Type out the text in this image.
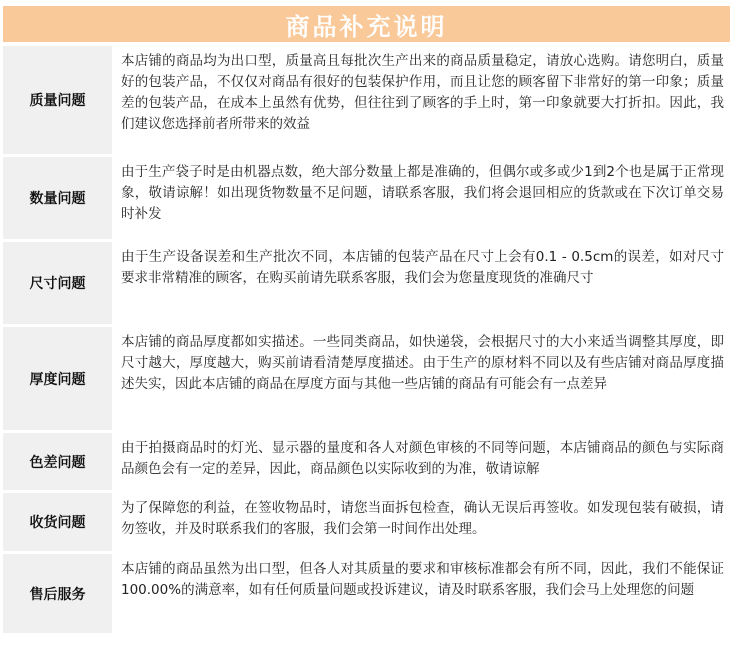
商品补充说明
质量问题
本店铺的商品均为出口型，质量高且每批次生产出来的商品质量稳定，请放心选购。请您明白，质量好的包装产品，不仅仅对商品有很好的包装保护作用，而且让您的顾客留下非常好的第一印象；质量差的包装产品，在成本上虽然有优势，但往往到了顾客的手上时，第一印象就要大打折扣。因此，我们建议您选择前者所带来的效益
数量问题
由于生产袋子时是由机器点数，绝大部分数量上都是准确的，但偶尔或多或少1到2个也是属于正常现象，敬请谅解！如出现货物数量不足问题，请联系客服，我们将会退回相应的货款或在下次订单交易时补发
尺寸问题
由于生产设备误差和生产批次不同，本店铺的包装产品在尺寸上会有0.1 - 0.5cm的误差，如对尺寸要求非常精准的顾客，在购买前请先联系客服，我们会为您量度现货的准确尺寸
厚度问题
本店铺的商品厚度都如实描述。一些同类商品，如快递袋，会根据尺寸的大小来适当调整其厚度，即尺寸越大，厚度越大，购买前请看清楚厚度描述。由于生产的原材料不同以及有些店铺对商品厚度描述失实，因此本店铺的商品在厚度方面与其他一些店铺的商品有可能会有一点差异
色差问题
由于拍摄商品时的灯光、显示器的量度和各人对颜色审核的不同等问题，本店铺商品的颜色与实际商品颜色会有一定的差异，因此，商品颜色以实际收到的为准，敬请谅解
收货问题
为了保障您的利益，在签收物品时，请您当面拆包检查，确认无误后再签收。如发现包装有破损，请勿签收，并及时联系我们的客服，我们会第一时间作出处理。
售后服务
本店铺的商品虽然为出口型，但各人对其质量的要求和审核标准都会有所不同，因此，我们不能保证100.00%的满意率，如有任何质量问题或投诉建议，请及时联系客服，我们会马上处理您的问题
